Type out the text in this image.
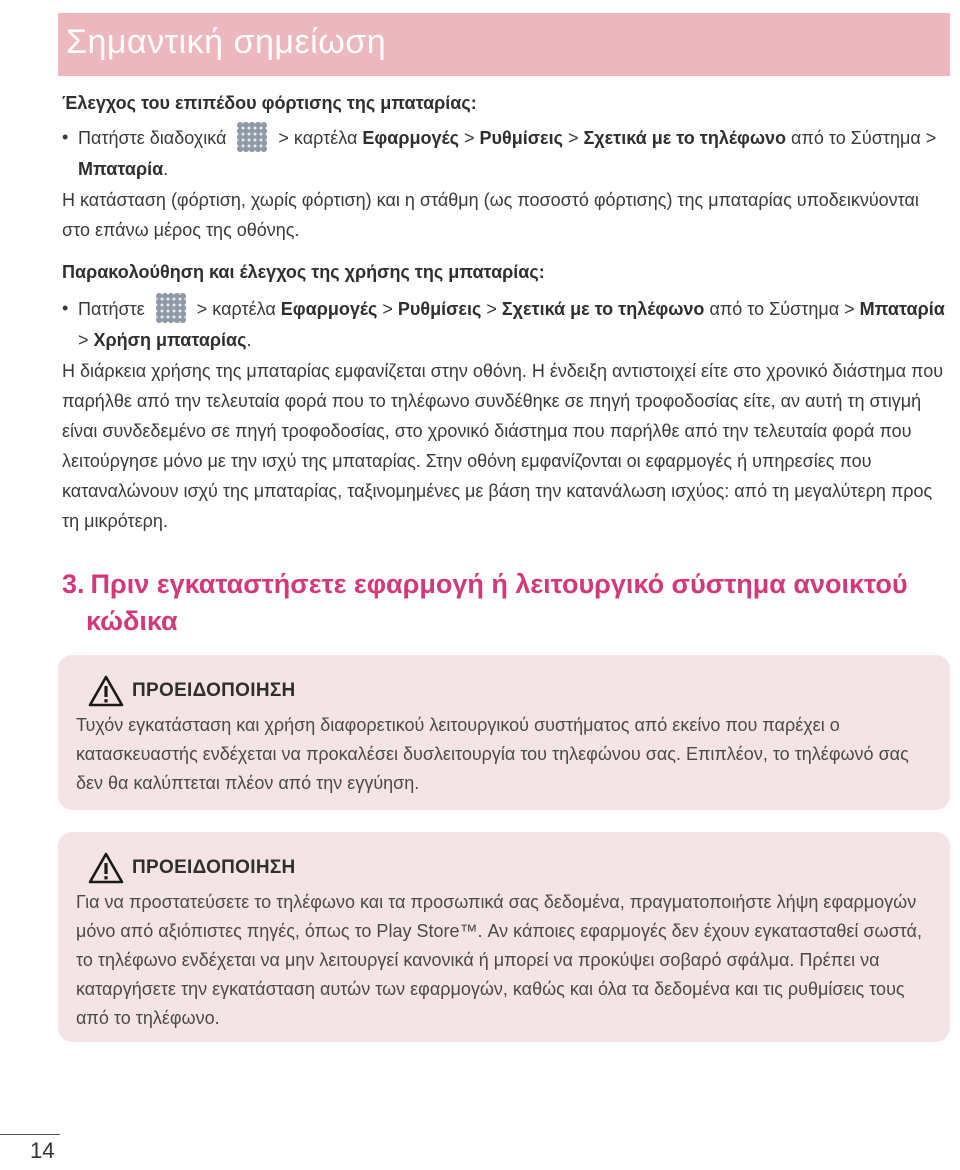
Σημαντική σημείωση

Έλεγχος του επιπέδου φόρτισης της μπαταρίας:

• Πατήστε διαδοχικά	> καρτέλα Εφαρμογές > Ρυθμίσεις > Σχετικά με το τηλέφωνο από το Σύστημα > Μπαταρία.

Η κατάσταση (φόρτιση, χωρίς φόρτιση) και η στάθμη (ως ποσοστό φόρτισης) της μπαταρίας υποδεικνύονται στο επάνω μέρος της οθόνης.

Παρακολούθηση και έλεγχος της χρήσης της μπαταρίας:

• Πατήστε	> καρτέλα Εφαρμογές > Ρυθμίσεις > Σχετικά με το τηλέφωνο από το Σύστημα > Μπαταρία > Χρήση μπαταρίας.

Η διάρκεια χρήσης της μπαταρίας εμφανίζεται στην οθόνη. Η ένδειξη αντιστοιχεί είτε στο χρονικό διάστημα που παρήλθε από την τελευταία φορά που το τηλέφωνο συνδέθηκε σε πηγή τροφοδοσίας είτε, αν αυτή τη στιγμή είναι συνδεδεμένο σε πηγή τροφοδοσίας, στο χρονικό διάστημα που παρήλθε από την τελευταία φορά που λειτούργησε μόνο με την ισχύ της μπαταρίας. Στην οθόνη εμφανίζονται οι εφαρμογές ή υπηρεσίες που καταναλώνουν ισχύ της μπαταρίας, ταξινομημένες με βάση την κατανάλωση ισχύος: από τη μεγαλύτερη προς τη μικρότερη.

3. Πριν εγκαταστήσετε εφαρμογή ή λειτουργικό σύστημα ανοικτού
κώδικα
ΠΡΟΕΙΔΟΠΟΙΗΣΗ

Τυχόν εγκατάσταση και χρήση διαφορετικού λειτουργικού συστήματος από εκείνο που παρέχει ο κατασκευαστής ενδέχεται να προκαλέσει δυσλειτουργία του τηλεφώνου σας. Επιπλέον, το τηλέφωνό σας δεν θα καλύπτεται πλέον από την εγγύηση.

ΠΡΟΕΙΔΟΠΟΙΗΣΗ

Για να προστατεύσετε το τηλέφωνο και τα προσωπικά σας δεδομένα, πραγματοποιήστε λήψη εφαρμογών μόνο από αξιόπιστες πηγές, όπως το Play Store™. Αν κάποιες εφαρμογές δεν έχουν εγκατασταθεί σωστά, το τηλέφωνο ενδέχεται να μην λειτουργεί κανονικά ή μπορεί να προκύψει σοβαρό σφάλμα. Πρέπει να καταργήσετε την εγκατάσταση αυτών των εφαρμογών, καθώς και όλα τα δεδομένα και τις ρυθμίσεις τους από το τηλέφωνο.

14
